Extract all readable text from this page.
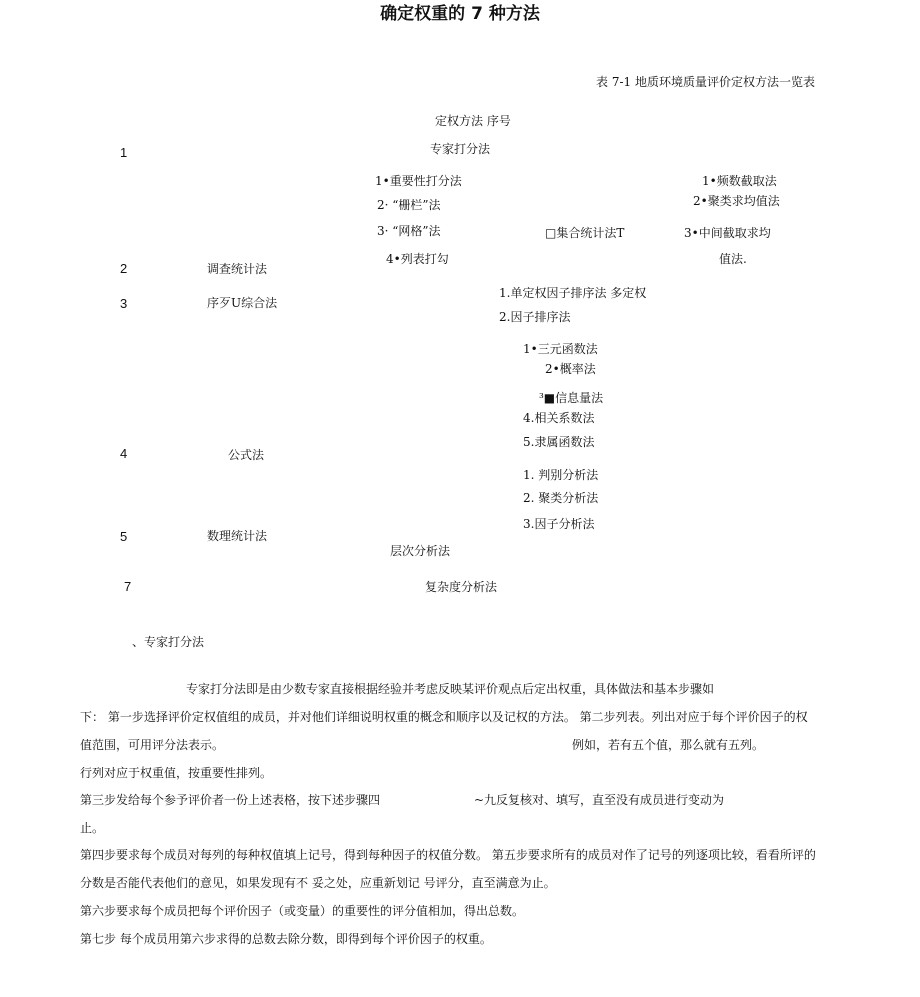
确定权重的 7 种方法
表 7-1 地质环境质量评价定权方法一览表
定权方法 序号
1
2
3
4
5
7
专家打分法
调查统计法
序歹U综合法
公式法
数理统计法
层次分析法
复杂度分析法
1•重要性打分法
2· “栅栏”法
3· “网格”法
4•列表打勾
□集合统计法T
1•频数截取法
2•聚类求均值法
3•中间截取求均
值法.
1.单定权因子排序法 多定权
2.因子排序法
1•三元函数法
2•概率法
³■信息量法
4.相关系数法
5.隶属函数法
1. 判别分析法
2. 聚类分析法
3.因子分析法
、专家打分法
专家打分法即是由少数专家直接根据经验并考虑反映某评价观点后定出权重，具体做法和基本步骤如
下： 第一步选择评价定权值组的成员，并对他们详细说明权重的概念和顺序以及记权的方法。 第二步列表。列出对应于每个评价因子的权
值范围，可用评分法表示。	例如，若有五个值，那么就有五列。
行列对应于权重值，按重要性排列。
第三步发给每个参予评价者一份上述表格，按下述步骤四	~九反复核对、填写，直至没有成员进行变动为
止。
第四步要求每个成员对每列的每种权值填上记号，得到每种因子的权值分数。 第五步要求所有的成员对作了记号的列逐项比较，看看所评的
分数是否能代表他们的意见，如果发现有不 妥之处，应重新划记 号评分，直至满意为止。
第六步要求每个成员把每个评价因子（或变量）的重要性的评分值相加，得出总数。
第七步 每个成员用第六步求得的总数去除分数，即得到每个评价因子的权重。
